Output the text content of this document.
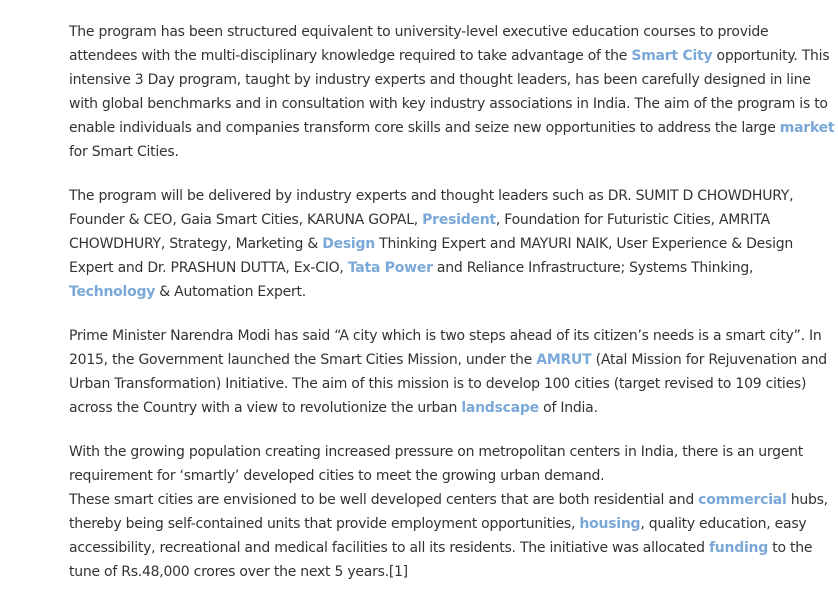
The program has been structured equivalent to university-level executive education courses to provide attendees with the multi-disciplinary knowledge required to take advantage of the Smart City opportunity. This intensive 3 Day program, taught by industry experts and thought leaders, has been carefully designed in line with global benchmarks and in consultation with key industry associations in India. The aim of the program is to enable individuals and companies transform core skills and seize new opportunities to address the large market for Smart Cities.

The program will be delivered by industry experts and thought leaders such as DR. SUMIT D CHOWDHURY, Founder & CEO, Gaia Smart Cities, KARUNA GOPAL, President, Foundation for Futuristic Cities, AMRITA CHOWDHURY, Strategy, Marketing & Design Thinking Expert and MAYURI NAIK, User Experience & Design Expert and Dr. PRASHUN DUTTA, Ex-CIO, Tata Power and Reliance Infrastructure; Systems Thinking, Technology & Automation Expert.

Prime Minister Narendra Modi has said “A city which is two steps ahead of its citizen’s needs is a smart city”. In 2015, the Government launched the Smart Cities Mission, under the AMRUT (Atal Mission for Rejuvenation and Urban Transformation) Initiative. The aim of this mission is to develop 100 cities (target revised to 109 cities) across the Country with a view to revolutionize the urban landscape of India.

With the growing population creating increased pressure on metropolitan centers in India, there is an urgent requirement for ‘smartly’ developed cities to meet the growing urban demand.
These smart cities are envisioned to be well developed centers that are both residential and commercial hubs, thereby being self-contained units that provide employment opportunities, housing, quality education, easy accessibility, recreational and medical facilities to all its residents. The initiative was allocated funding to the tune of Rs.48,000 crores over the next 5 years.[1]
